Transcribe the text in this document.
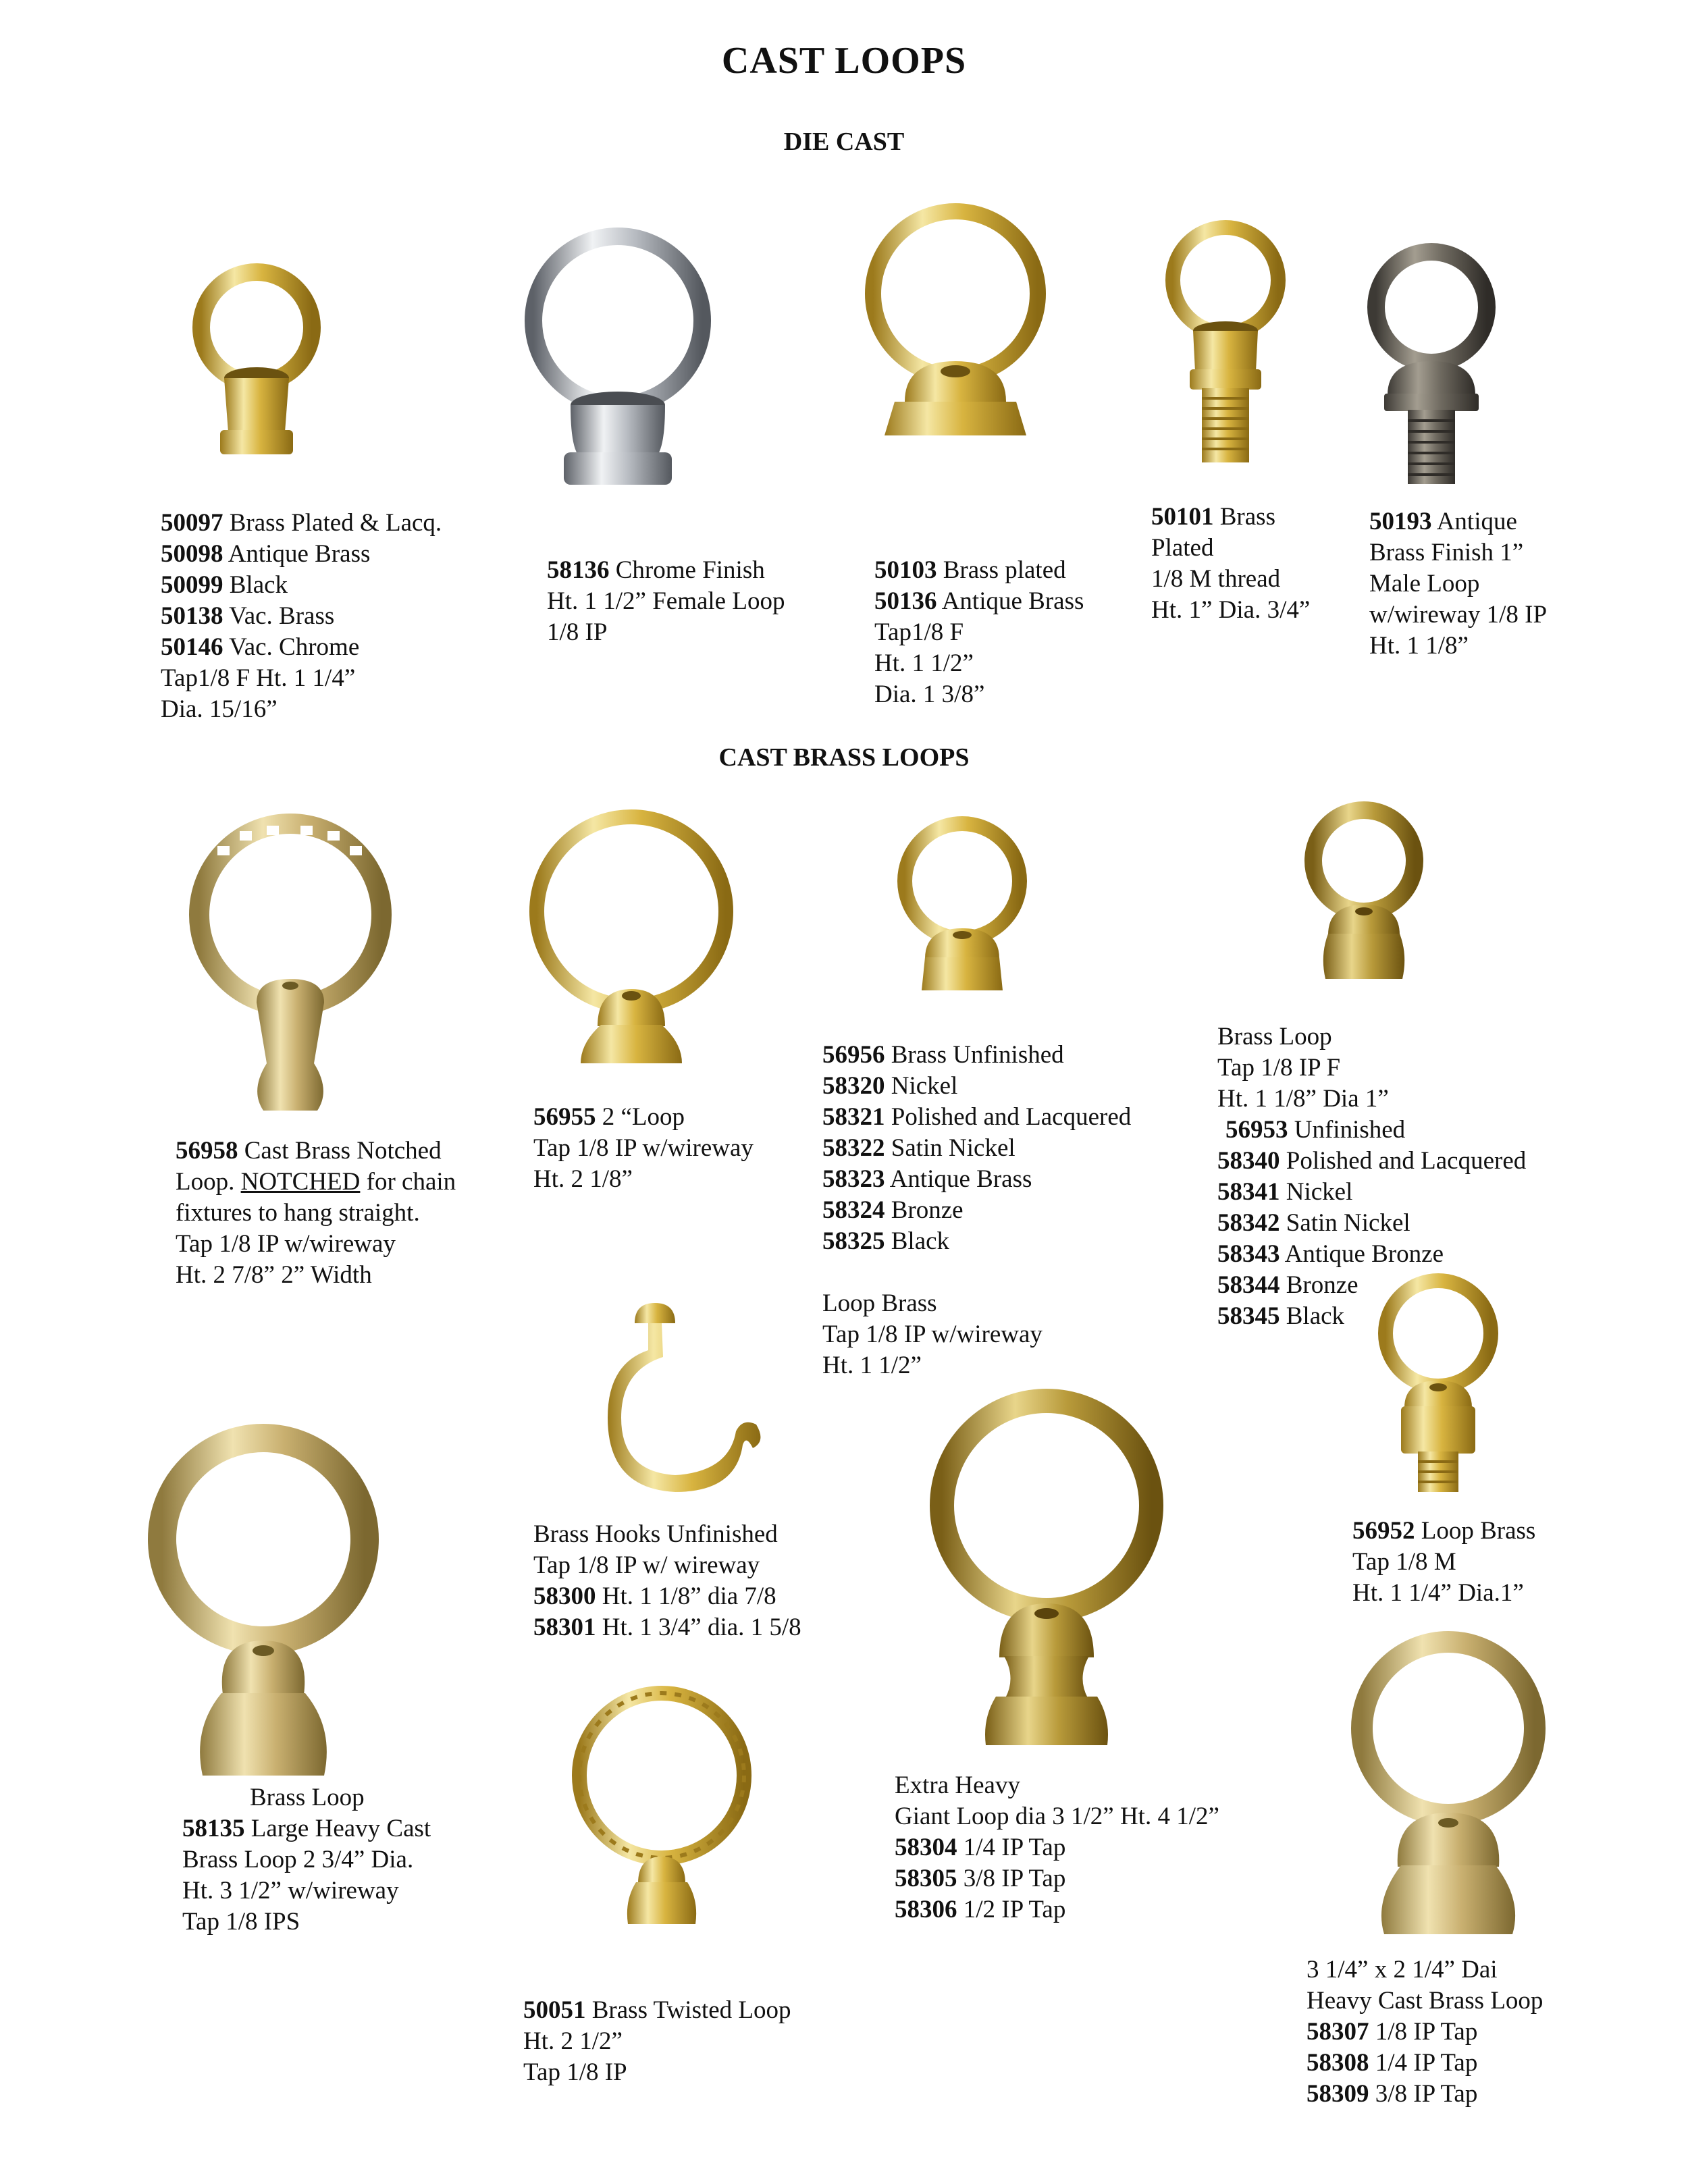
CAST LOOPS
DIE CAST
CAST BRASS LOOPS
50097 Brass Plated & Lacq.
50098 Antique Brass
50099 Black
50138 Vac. Brass
50146 Vac. Chrome
Tap1/8 F Ht. 1 1/4”
Dia. 15/16”
58136 Chrome Finish
Ht. 1 1/2” Female Loop
1/8 IP
50103 Brass plated
50136 Antique Brass
Tap1/8 F
Ht. 1 1/2”
Dia. 1 3/8”
50101 Brass
Plated
1/8 M thread
Ht. 1” Dia. 3/4”
50193 Antique
Brass Finish 1”
Male Loop
w/wireway 1/8 IP
Ht. 1 1/8”
56958 Cast Brass Notched
Loop. NOTCHED for chain
fixtures to hang straight.
Tap 1/8 IP w/wireway
Ht. 2 7/8” 2” Width
56955 2 “Loop
Tap 1/8 IP w/wireway
Ht. 2 1/8”
56956 Brass Unfinished
58320 Nickel
58321 Polished and Lacquered
58322 Satin Nickel
58323 Antique Brass
58324 Bronze
58325 Black

Loop Brass
Tap 1/8 IP w/wireway
Ht. 1 1/2”
Brass Loop
Tap 1/8 IP F
Ht. 1 1/8” Dia 1”
56953 Unfinished
58340 Polished and Lacquered
58341 Nickel
58342 Satin Nickel
58343 Antique Bronze
58344 Bronze
58345 Black
Brass Hooks Unfinished
Tap 1/8 IP w/ wireway
58300 Ht. 1 1/8” dia 7/8
58301 Ht. 1 3/4” dia. 1 5/8
56952 Loop Brass
Tap 1/8 M
Ht. 1 1/4” Dia.1”
Brass Loop
58135 Large Heavy Cast
Brass Loop 2 3/4” Dia.
Ht. 3 1/2” w/wireway
Tap 1/8 IPS
Extra Heavy
Giant Loop dia 3 1/2” Ht. 4 1/2”
58304 1/4 IP Tap
58305 3/8 IP Tap
58306 1/2 IP Tap
50051 Brass Twisted Loop
Ht. 2 1/2”
Tap 1/8 IP
3 1/4” x 2 1/4” Dai
Heavy Cast Brass Loop
58307 1/8 IP Tap
58308 1/4 IP Tap
58309 3/8 IP Tap
